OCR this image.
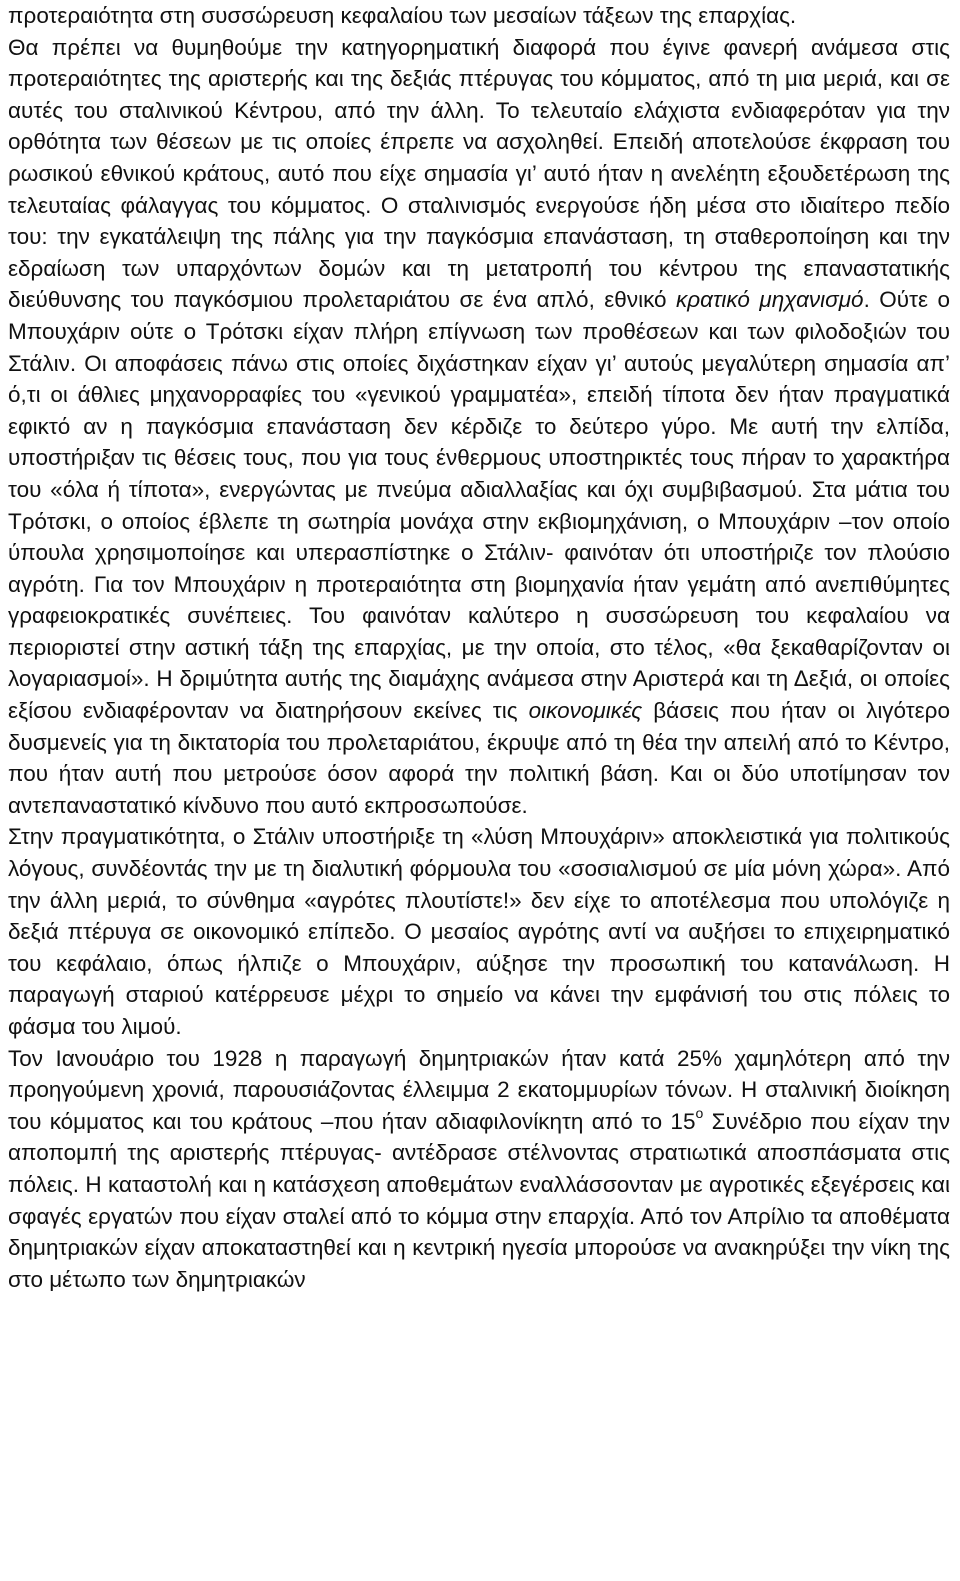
προτεραιότητα στη συσσώρευση κεφαλαίου των μεσαίων τάξεων της επαρχίας.

Θα πρέπει να θυμηθούμε την κατηγορηματική διαφορά που έγινε φανερή ανάμεσα στις προτεραιότητες της αριστερής και της δεξιάς πτέρυγας του κόμματος, από τη μια μεριά, και σε αυτές του σταλινικού Κέντρου, από την άλλη. Το τελευταίο ελάχιστα ενδιαφερόταν για την ορθότητα των θέσεων με τις οποίες έπρεπε να ασχοληθεί. Επειδή αποτελούσε έκφραση του ρωσικού εθνικού κράτους, αυτό που είχε σημασία γι’ αυτό ήταν η ανελέητη εξουδετέρωση της τελευταίας φάλαγγας του κόμματος. Ο σταλινισμός ενεργούσε ήδη μέσα στο ιδιαίτερο πεδίο του: την εγκατάλειψη της πάλης για την παγκόσμια επανάσταση, τη σταθεροποίηση και την εδραίωση των υπαρχόντων δομών και τη μετατροπή του κέντρου της επαναστατικής διεύθυνσης του παγκόσμιου προλεταριάτου σε ένα απλό, εθνικό κρατικό μηχανισμό. Ούτε ο Μπουχάριν ούτε ο Τρότσκι είχαν πλήρη επίγνωση των προθέσεων και των φιλοδοξιών του Στάλιν. Οι αποφάσεις πάνω στις οποίες διχάστηκαν είχαν γι’ αυτούς μεγαλύτερη σημασία απ’ ό,τι οι άθλιες μηχανορραφίες του «γενικού γραμματέα», επειδή τίποτα δεν ήταν πραγματικά εφικτό αν η παγκόσμια επανάσταση δεν κέρδιζε το δεύτερο γύρο. Με αυτή την ελπίδα, υποστήριξαν τις θέσεις τους, που για τους ένθερμους υποστηρικτές τους πήραν το χαρακτήρα του «όλα ή τίποτα», ενεργώντας με πνεύμα αδιαλλαξίας και όχι συμβιβασμού. Στα μάτια του Τρότσκι, ο οποίος έβλεπε τη σωτηρία μονάχα στην εκβιομηχάνιση, ο Μπουχάριν –τον οποίο ύπουλα χρησιμοποίησε και υπερασπίστηκε ο Στάλιν- φαινόταν ότι υποστήριζε τον πλούσιο αγρότη. Για τον Μπουχάριν η προτεραιότητα στη βιομηχανία ήταν γεμάτη από ανεπιθύμητες γραφειοκρατικές συνέπειες. Του φαινόταν καλύτερο η συσσώρευση του κεφαλαίου να περιοριστεί στην αστική τάξη της επαρχίας, με την οποία, στο τέλος, «θα ξεκαθαρίζονταν οι λογαριασμοί». Η δριμύτητα αυτής της διαμάχης ανάμεσα στην Αριστερά και τη Δεξιά, οι οποίες εξίσου ενδιαφέρονταν να διατηρήσουν εκείνες τις οικονομικές βάσεις που ήταν οι λιγότερο δυσμενείς για τη δικτατορία του προλεταριάτου, έκρυψε από τη θέα την απειλή από το Κέντρο, που ήταν αυτή που μετρούσε όσον αφορά την πολιτική βάση. Και οι δύο υποτίμησαν τον αντεπαναστατικό κίνδυνο που αυτό εκπροσωπούσε.

Στην πραγματικότητα, ο Στάλιν υποστήριξε τη «λύση Μπουχάριν» αποκλειστικά για πολιτικούς λόγους, συνδέοντάς την με τη διαλυτική φόρμουλα του «σοσιαλισμού σε μία μόνη χώρα». Από την άλλη μεριά, το σύνθημα «αγρότες πλουτίστε!» δεν είχε το αποτέλεσμα που υπολόγιζε η δεξιά πτέρυγα σε οικονομικό επίπεδο. Ο μεσαίος αγρότης αντί να αυξήσει το επιχειρηματικό του κεφάλαιο, όπως ήλπιζε ο Μπουχάριν, αύξησε την προσωπική του κατανάλωση. Η παραγωγή σταριού κατέρρευσε μέχρι το σημείο να κάνει την εμφάνισή του στις πόλεις το φάσμα του λιμού.

Τον Ιανουάριο του 1928 η παραγωγή δημητριακών ήταν κατά 25% χαμηλότερη από την προηγούμενη χρονιά, παρουσιάζοντας έλλειμμα 2 εκατομμυρίων τόνων. Η σταλινική διοίκηση του κόμματος και του κράτους –που ήταν αδιαφιλονίκητη από το $15^o$ Συνέδριο που είχαν την αποπομπή της αριστερής πτέρυγας- αντέδρασε στέλνοντας στρατιωτικά αποσπάσματα στις πόλεις. Η καταστολή και η κατάσχεση αποθεμάτων εναλλάσσονταν με αγροτικές εξεγέρσεις και σφαγές εργατών που είχαν σταλεί από το κόμμα στην επαρχία. Από τον Απρίλιο τα αποθέματα δημητριακών είχαν αποκαταστηθεί και η κεντρική ηγεσία μπορούσε να ανακηρύξει την νίκη της στο μέτωπο των δημητριακών
